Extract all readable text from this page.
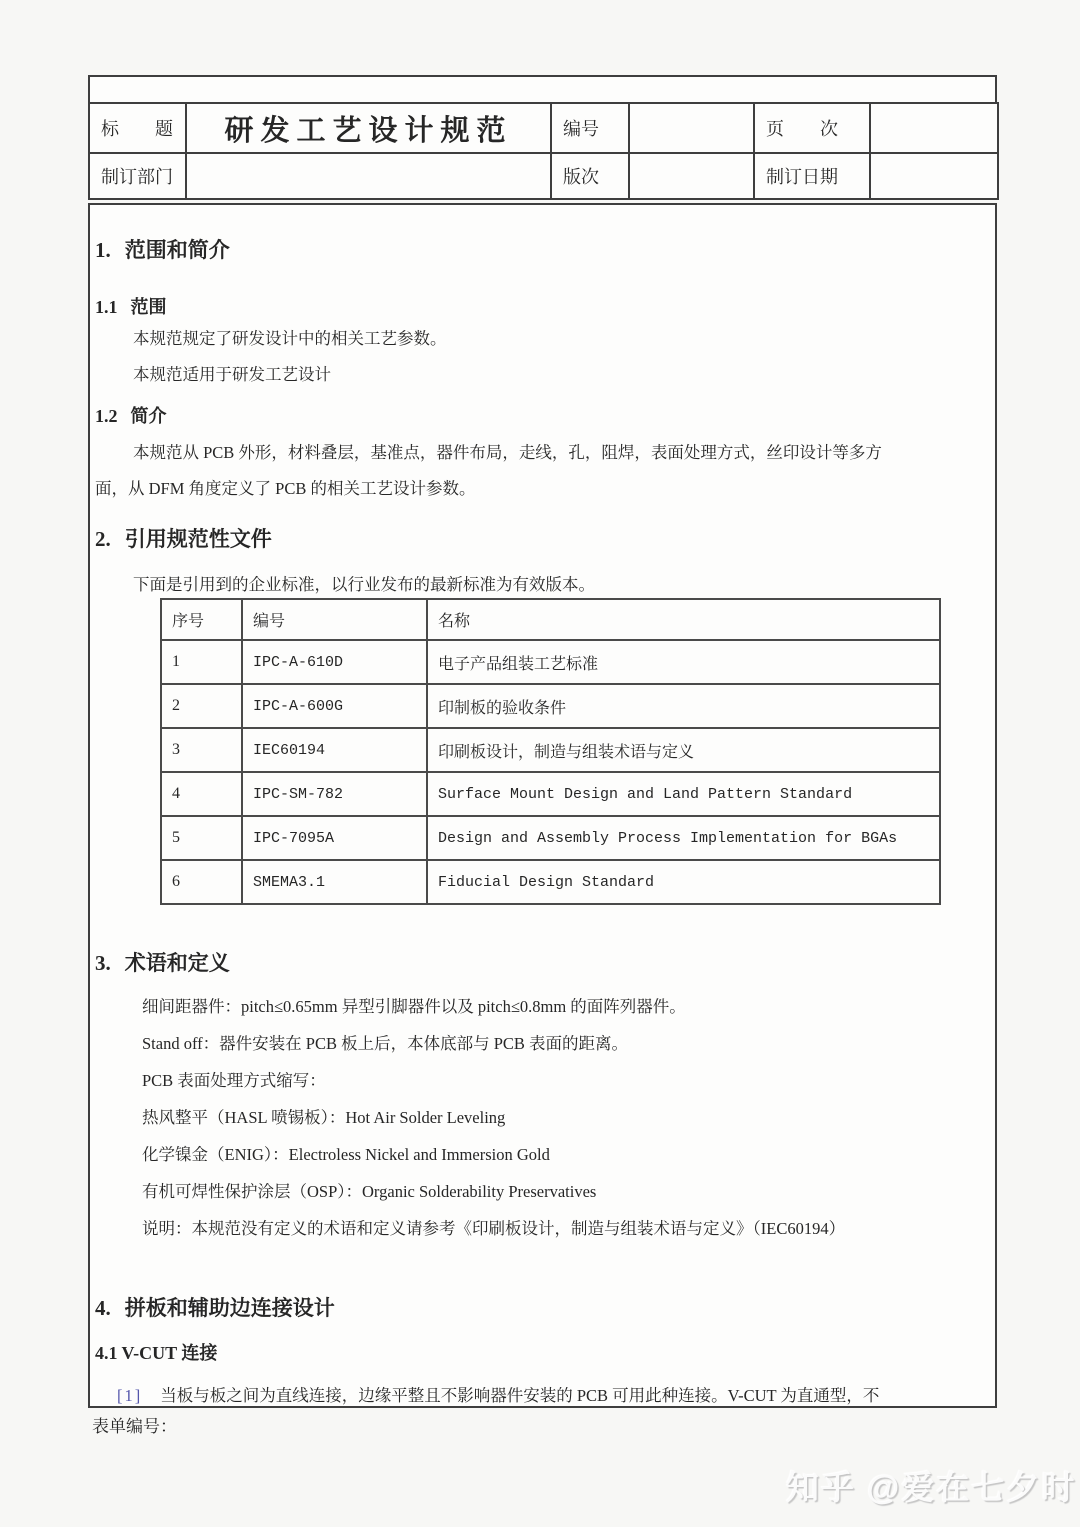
标　　题	研发工艺设计规范	编号		页　　次	
制订部门		版次		制订日期	
1. 范围和简介
1.1 范围
本规范规定了研发设计中的相关工艺参数。
本规范适用于研发工艺设计
1.2 简介
本规范从 PCB 外形，材料叠层，基准点，器件布局，走线，孔，阻焊，表面处理方式，丝印设计等多方
面，从 DFM 角度定义了 PCB 的相关工艺设计参数。
2. 引用规范性文件
下面是引用到的企业标准，以行业发布的最新标准为有效版本。
序号	编号	名称
1	IPC-A-610D	电子产品组装工艺标准
2	IPC-A-600G	印制板的验收条件
3	IEC60194	印刷板设计，制造与组装术语与定义
4	IPC-SM-782	Surface Mount Design and Land Pattern Standard
5	IPC-7095A	Design and Assembly Process Implementation for BGAs
6	SMEMA3.1	Fiducial Design Standard
3. 术语和定义
细间距器件：pitch≤0.65mm 异型引脚器件以及 pitch≤0.8mm 的面阵列器件。
Stand off：器件安装在 PCB 板上后，本体底部与 PCB 表面的距离。
PCB 表面处理方式缩写：
热风整平（HASL 喷锡板）：Hot Air Solder Leveling
化学镍金（ENIG）：Electroless Nickel and Immersion Gold
有机可焊性保护涂层（OSP）：Organic Solderability Preservatives
说明：本规范没有定义的术语和定义请参考《印刷板设计，制造与组装术语与定义》（IEC60194）
4. 拼板和辅助边连接设计
4.1 V-CUT 连接
[1] 当板与板之间为直线连接，边缘平整且不影响器件安装的 PCB 可用此种连接。V-CUT 为直通型，不
表单编号：
知乎 @爱在七夕时
